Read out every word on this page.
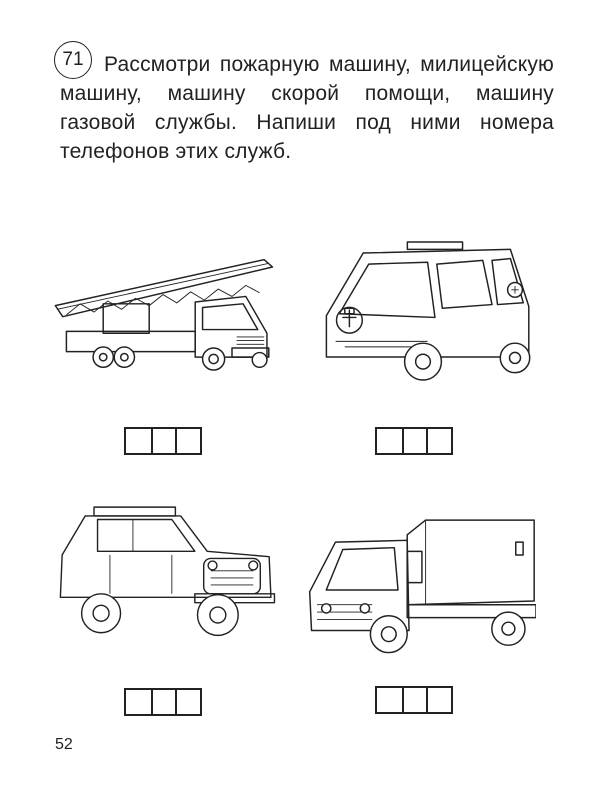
71 Рассмотри пожарную машину, милицейскую машину, машину скорой помощи, машину газовой службы. Напиши под ними номера телефонов этих служб.
52
